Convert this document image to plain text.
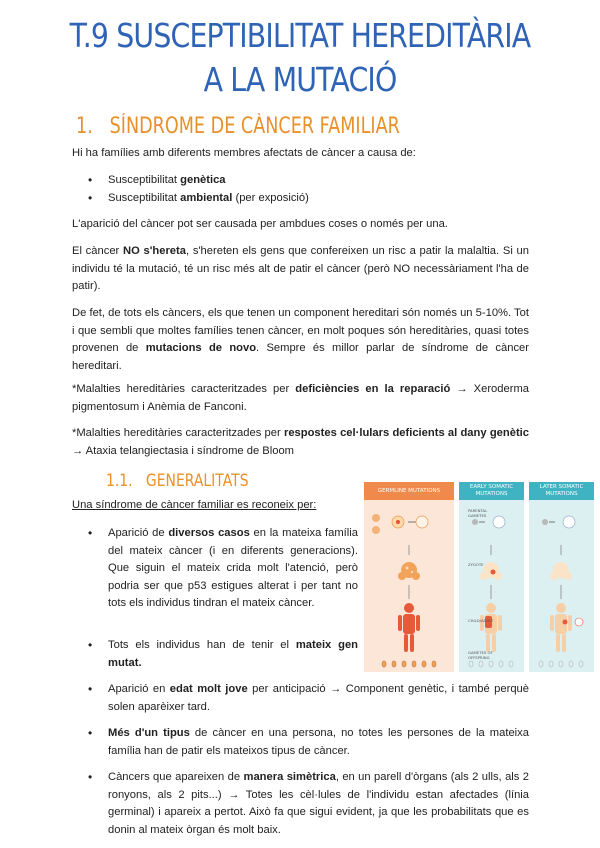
T.9 SUSCEPTIBILITAT HEREDITÀRIA A LA MUTACIÓ
1. SÍNDROME DE CÀNCER FAMILIAR

Hi ha famílies amb diferents membres afectats de càncer a causa de:

• Susceptibilitat genètica
• Susceptibilitat ambiental (per exposició)

L'aparició del càncer pot ser causada per ambdues coses o només per una.

El càncer NO s'hereta, s'hereten els gens que confereixen un risc a patir la malaltia. Si un individu té la mutació, té un risc més alt de patir el càncer (però NO necessàriament l'ha de patir).

De fet, de tots els càncers, els que tenen un component hereditari són només un 5-10%. Tot i que sembli que moltes famílies tenen càncer, en molt poques són hereditàries, quasi totes provenen de mutacions de novo. Sempre és millor parlar de síndrome de càncer hereditari.

*Malalties hereditàries caracteritzades per deficiències en la reparació → Xeroderma pigmentosum i Anèmia de Fanconi.

*Malalties hereditàries caracteritzades per respostes cel·lulars deficients al dany genètic → Ataxia telangiectasia i síndrome de Bloom

1.1. GENERALITATS

Una síndrome de càncer familiar es reconeix per:

• Aparició de diversos casos en la mateixa família del mateix càncer (i en diferents generacions). Que siguin el mateix crida molt l'atenció, però podria ser que p53 estigues alterat i per tant no tots els individus tindran el mateix càncer.
• Tots els individus han de tenir el mateix gen mutat.
• Aparició en edat molt jove per anticipació → Component genètic, i també perquè solen aparèixer tard.
• Més d'un tipus de càncer en una persona, no totes les persones de la mateixa família han de patir els mateixos tipus de càncer.
• Càncers que apareixen de manera simètrica, en un parell d'òrgans (als 2 ulls, als 2 ronyons, als 2 pits...) → Totes les cèl·lules de l'individu estan afectades (línia germinal) i apareix a pertot. Això fa que sigui evident, ja que les probabilitats que es donin al mateix òrgan és molt baix.
GERMLINE MUTATIONS
EARLY SOMATIC MUTATIONS
LATER SOMATIC MUTATIONS
PARENTAL GAMETES
ZYGOTE
CHILD/ADULT
GAMETES OF OFFSPRING
